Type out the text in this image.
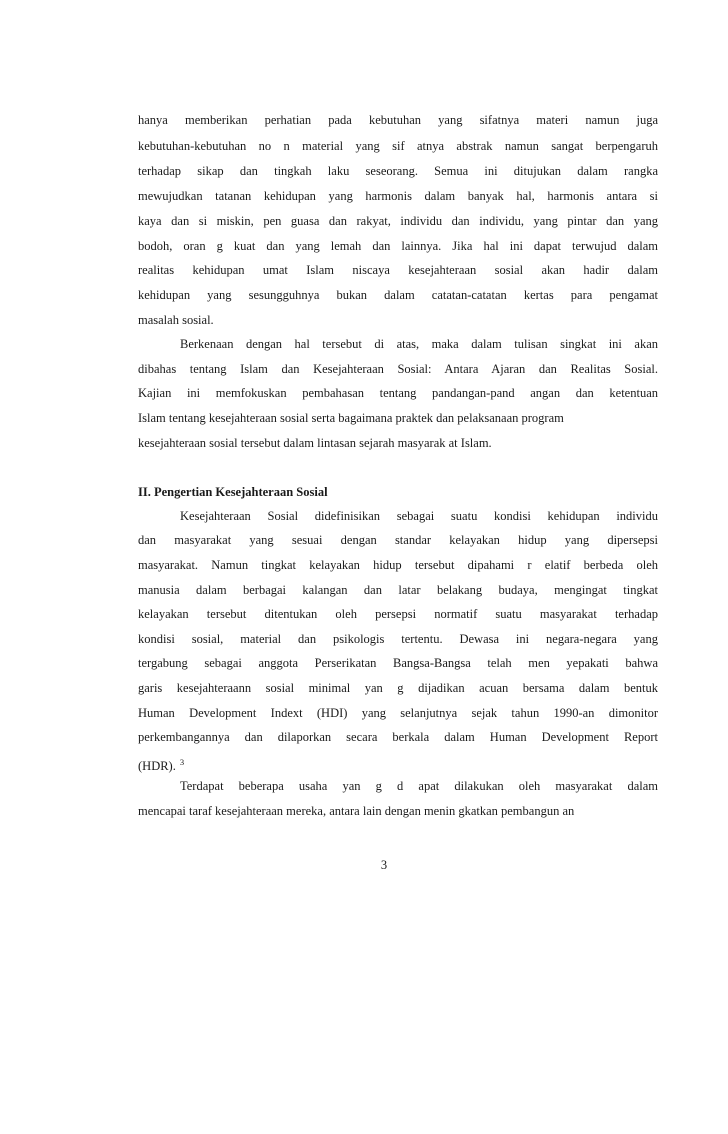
hanya memberikan perhatian pada kebutuhan yang sifatnya materi namun juga
kebutuhan-kebutuhan no n material yang sif atnya abstrak namun sangat berpengaruh
terhadap sikap dan tingkah laku seseorang. Semua ini ditujukan dalam rangka
mewujudkan tatanan kehidupan yang harmonis dalam banyak hal, harmonis antara si
kaya dan si miskin, pen guasa dan rakyat, individu dan individu, yang pintar dan yang
bodoh, oran g kuat dan yang lemah dan lainnya. Jika hal ini dapat terwujud dalam
realitas kehidupan umat Islam niscaya kesejahteraan sosial akan hadir dalam
kehidupan yang sesungguhnya bukan dalam catatan-catatan kertas para pengamat
masalah sosial.
Berkenaan dengan hal tersebut di atas, maka dalam tulisan singkat ini akan
dibahas tentang Islam dan Kesejahteraan Sosial: Antara Ajaran dan Realitas Sosial.
Kajian ini memfokuskan pembahasan tentang pandangan-pand angan dan ketentuan
Islam tentang kesejahteraan sosial serta bagaimana praktek dan pelaksanaan program
kesejahteraan sosial tersebut dalam lintasan sejarah masyarak at Islam.
II. Pengertian Kesejahteraan Sosial
Kesejahteraan Sosial didefinisikan sebagai suatu kondisi kehidupan individu
dan masyarakat yang sesuai dengan standar kelayakan hidup yang dipersepsi
masyarakat. Namun tingkat kelayakan hidup tersebut dipahami r elatif berbeda oleh
manusia dalam berbagai kalangan dan latar belakang budaya, mengingat tingkat
kelayakan tersebut ditentukan oleh persepsi normatif suatu masyarakat terhadap
kondisi sosial, material dan psikologis tertentu. Dewasa ini negara-negara yang
tergabung sebagai anggota Perserikatan Bangsa-Bangsa telah men yepakati bahwa
garis kesejahteraann sosial minimal yan g dijadikan acuan bersama dalam bentuk
Human Development Indext (HDI) yang selanjutnya sejak tahun 1990-an dimonitor
perkembangannya dan dilaporkan secara berkala dalam Human Development Report
(HDR). $^3$
Terdapat beberapa usaha yan g d apat dilakukan oleh masyarakat dalam
mencapai taraf kesejahteraan mereka, antara lain dengan menin gkatkan pembangun an
3
